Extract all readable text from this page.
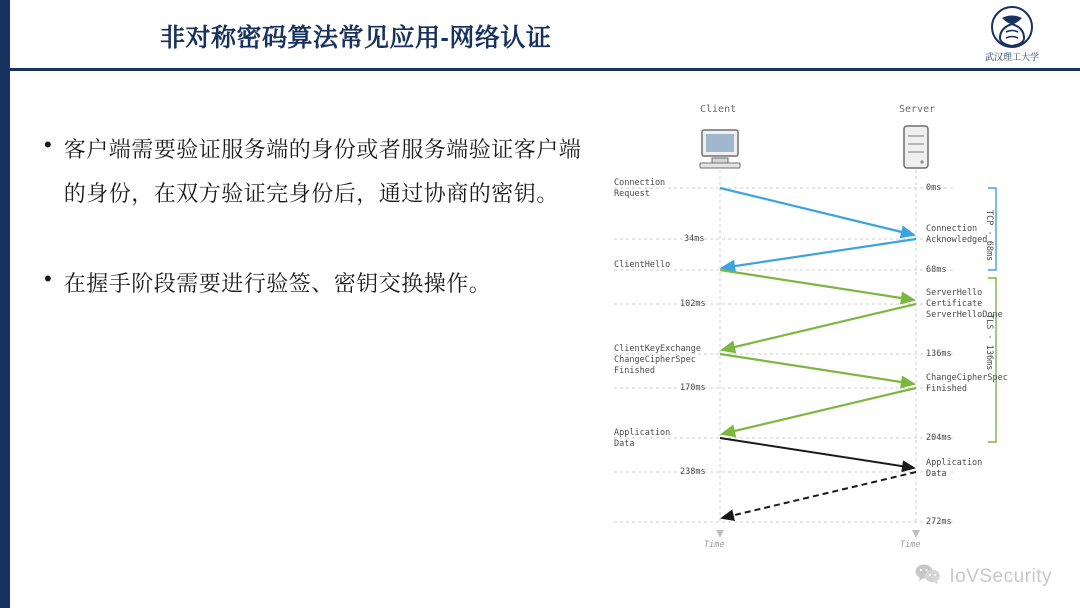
非对称密码算法常见应用-网络认证
武汉理工大学
• 客户端需要验证服务端的身份或者服务端验证客户端的身份，在双方验证完身份后，通过协商的密钥。
• 在握手阶段需要进行验签、密钥交换操作。
Client	Server
Connection
Request
ClientHello
ClientKeyExchange
ChangeCipherSpec
Finished
Application
Data
Connection
Acknowledged
ServerHello
Certificate
ServerHelloDone
ChangeCipherSpec
Finished
Application
Data
0ms
34ms
68ms
102ms
136ms
170ms
204ms
238ms
272ms
TCP · 68ms
TLS · 136ms
Time	Time
IoVSecurity
